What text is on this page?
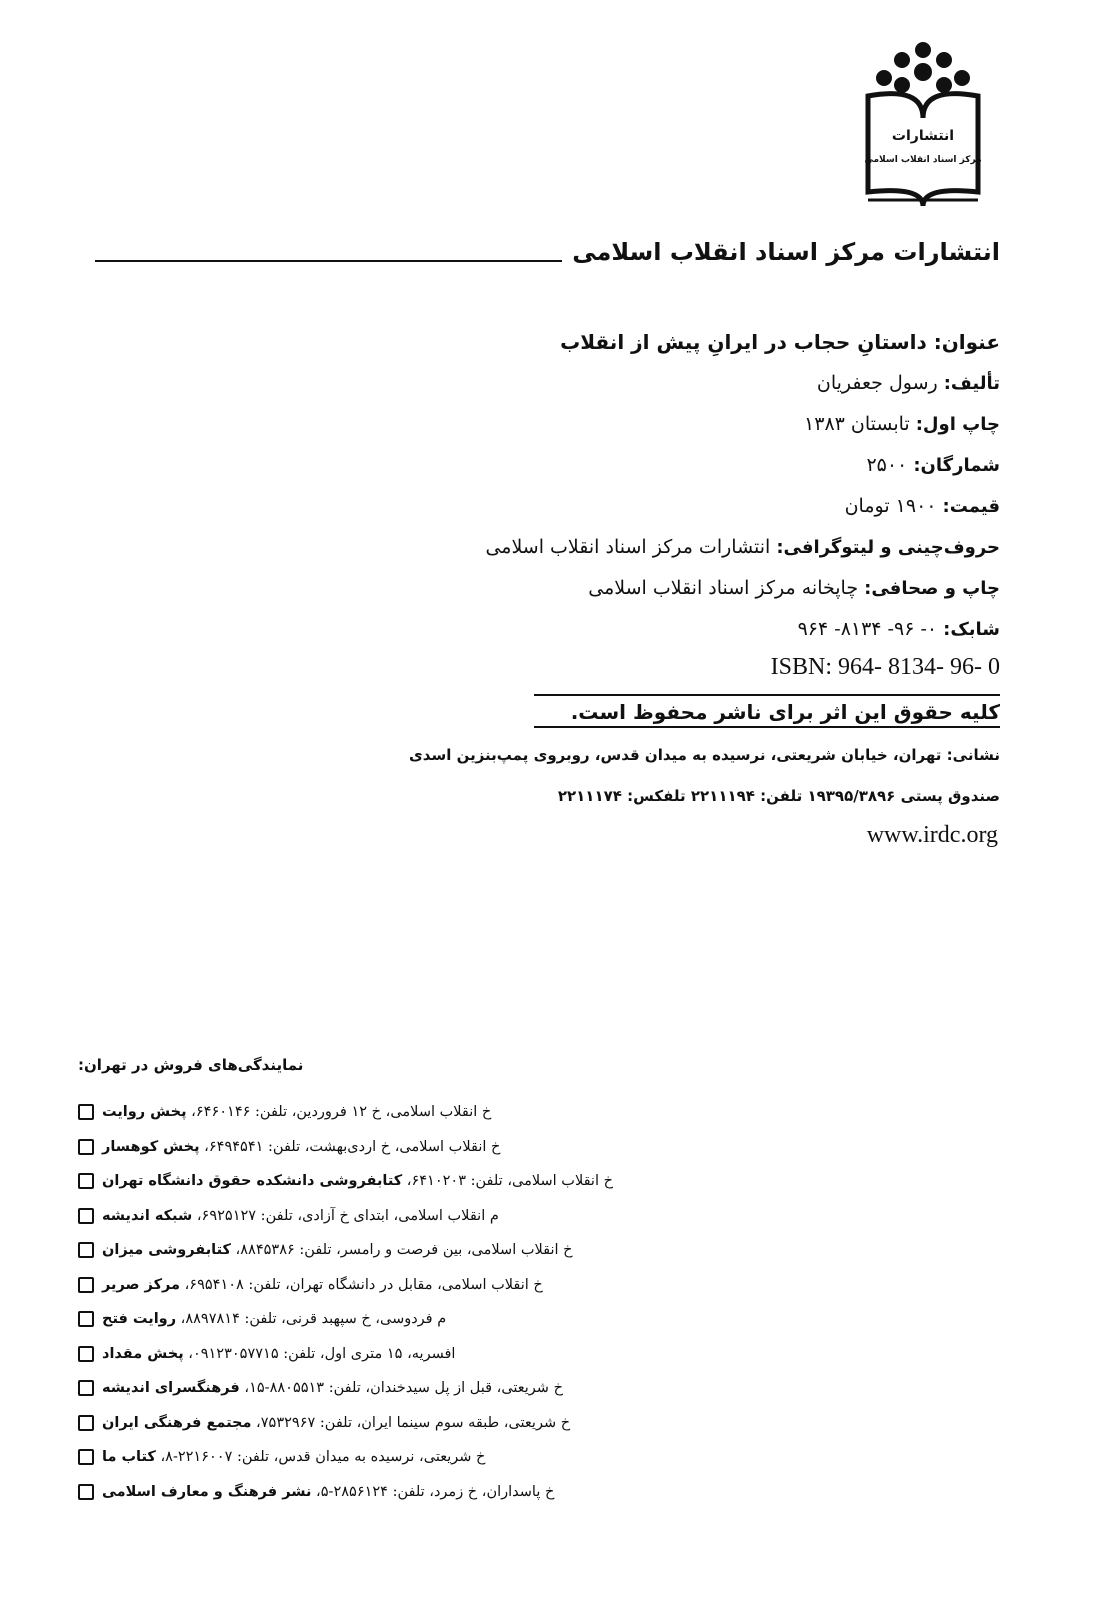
انتشارات
مرکز اسناد انقلاب اسلامی
انتشارات مرکز اسناد انقلاب اسلامی
عنوان: داستانِ حجاب در ایرانِ پیش از انقلاب
تألیف: رسول جعفریان
چاپ اول: تابستان ۱۳۸۳
شمارگان: ۲۵۰۰
قیمت: ۱۹۰۰ تومان
حروف‌چینی و لیتوگرافی: انتشارات مرکز اسناد انقلاب اسلامی
چاپ و صحافی: چاپخانه مرکز اسناد انقلاب اسلامی
شابک: ۰- ۹۶- ۸۱۳۴- ۹۶۴
ISBN: 964- 8134- 96- 0
کلیه حقوق این اثر برای ناشر محفوظ است.
نشانی: تهران، خیابان شریعتی، نرسیده به میدان قدس، روبروی پمپ‌بنزین اسدی
صندوق پستی ۱۹۳۹۵/۳۸۹۶ تلفن: ۲۲۱۱۱۹۴ تلفکس: ۲۲۱۱۱۷۴
www.irdc.org
نمایندگی‌های فروش در تهران:
خ انقلاب اسلامی، خ ۱۲ فروردین، تلفن: ۶۴۶۰۱۴۶، پخش روایت
خ انقلاب اسلامی، خ اردی‌بهشت، تلفن: ۶۴۹۴۵۴۱، پخش کوهسار
خ انقلاب اسلامی، تلفن: ۶۴۱۰۲۰۳، کتابفروشی دانشکده حقوق دانشگاه تهران
م انقلاب اسلامی، ابتدای خ آزادی، تلفن: ۶۹۲۵۱۲۷، شبکه اندیشه
خ انقلاب اسلامی، بین فرصت و رامسر، تلفن: ۸۸۴۵۳۸۶، کتابفروشی میزان
خ انقلاب اسلامی، مقابل در دانشگاه تهران، تلفن: ۶۹۵۴۱۰۸، مرکز صریر
م فردوسی، خ سپهبد قرنی، تلفن: ۸۸۹۷۸۱۴، روایت فتح
افسریه، ۱۵ متری اول، تلفن: ۰۹۱۲۳۰۵۷۷۱۵، پخش مقداد
خ شریعتی، قبل از پل سیدخندان، تلفن: ۸۸۰۵۵۱۳-۱۵، فرهنگسرای اندیشه
خ شریعتی، طبقه سوم سینما ایران، تلفن: ۷۵۳۲۹۶۷، مجتمع فرهنگی ایران
خ شریعتی، نرسیده به میدان قدس، تلفن: ۲۲۱۶۰۰۷-۸، کتاب ما
خ پاسداران، خ زمرد، تلفن: ۲۸۵۶۱۲۴-۵، نشر فرهنگ و معارف اسلامی
